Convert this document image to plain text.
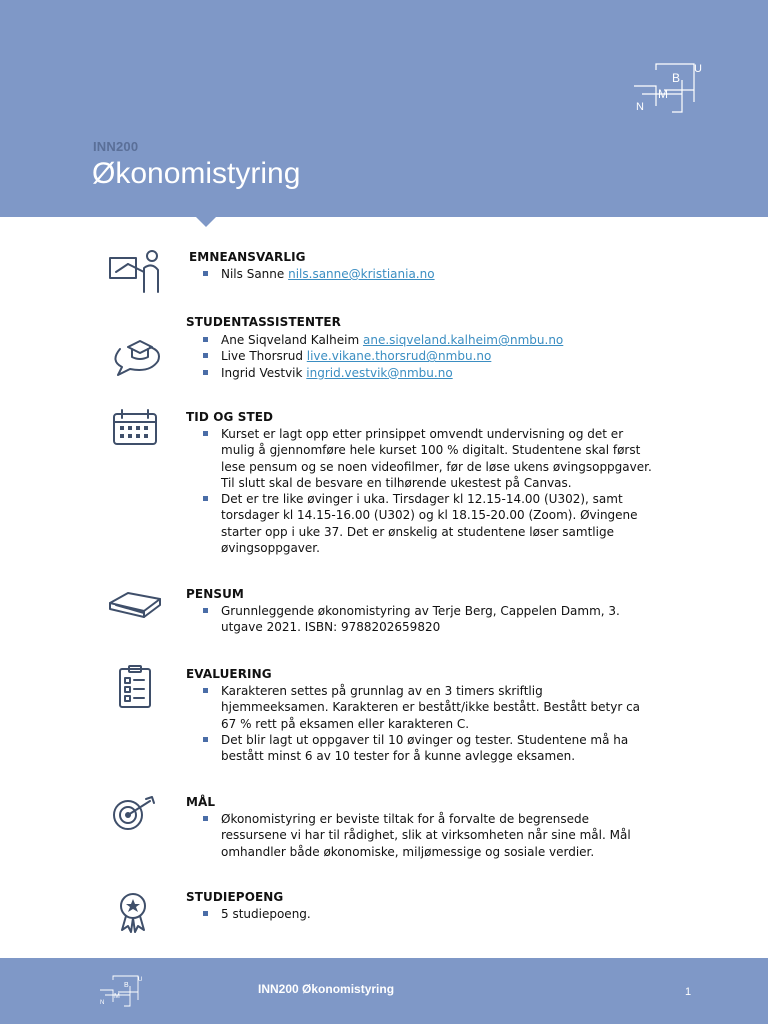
INN200
Økonomistyring
B
U
M
N
EMNEANSVARLIG
Nils Sanne nils.sanne@kristiania.no
STUDENTASSISTENTER
Ane Siqveland Kalheim ane.siqveland.kalheim@nmbu.no
Live Thorsrud live.vikane.thorsrud@nmbu.no
Ingrid Vestvik ingrid.vestvik@nmbu.no
TID OG STED
Kurset er lagt opp etter prinsippet omvendt undervisning og det er mulig å gjennomføre hele kurset 100 % digitalt. Studentene skal først lese pensum og se noen videofilmer, før de løse ukens øvingsoppgaver. Til slutt skal de besvare en tilhørende ukestest på Canvas.
Det er tre like øvinger i uka. Tirsdager kl 12.15-14.00 (U302), samt torsdager kl 14.15-16.00 (U302) og kl 18.15-20.00 (Zoom). Øvingene starter opp i uke 37. Det er ønskelig at studentene løser samtlige øvingsoppgaver.
PENSUM
Grunnleggende økonomistyring av Terje Berg, Cappelen Damm, 3. utgave 2021. ISBN: 9788202659820
EVALUERING
Karakteren settes på grunnlag av en 3 timers skriftlig hjemmeeksamen. Karakteren er bestått/ikke bestått. Bestått betyr ca 67 % rett på eksamen eller karakteren C.
Det blir lagt ut oppgaver til 10 øvinger og tester. Studentene må ha bestått minst 6 av 10 tester for å kunne avlegge eksamen.
MÅL
Økonomistyring er beviste tiltak for å forvalte de begrensede ressursene vi har til rådighet, slik at virksomheten når sine mål. Mål omhandler både økonomiske, miljømessige og sosiale verdier.
STUDIEPOENG
5 studiepoeng.
B
U
M
N
INN200 Økonomistyring	1
